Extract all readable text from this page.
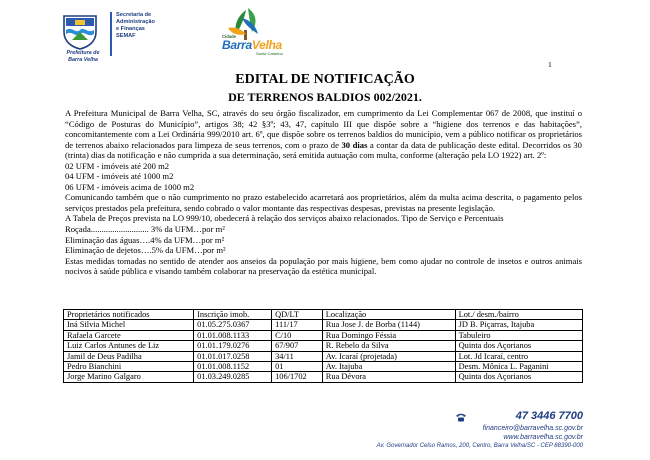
Prefeitura de
Barra Velha
Secretaria de
Administração
e Finanças
SEMAF	Cidade
BarraVelha
Santa Catarina
1
EDITAL DE NOTIFICAÇÃO
DE TERRENOS BALDIOS 002/2021.

A Prefeitura Municipal de Barra Velha, SC, através do seu órgão fiscalizador, em cumprimento da Lei Complementar 067 de 2008, que instituí o “Código de Posturas do Município”, artigos 38; 42 §3º; 43, 47, capítulo III que dispõe sobre a “higiene dos terrenos e das habitações”, concomitantemente com a Lei Ordinária 999/2010 art. 6º, que dispõe sobre os terrenos baldios do município, vem a público notificar os proprietários de terrenos abaixo relacionados para limpeza de seus terrenos, com o prazo de 30 dias a contar da data de publicação deste edital. Decorridos os 30 (trinta) dias da notificação e não cumprida a sua determinação, será emitida autuação com multa, conforme (alteração pela LO 1922) art. 2º:

02 UFM - imóveis até 200 m2
04 UFM - imóveis até 1000 m2
06 UFM - imóveis acima de 1000 m2

Comunicando também que o não cumprimento no prazo estabelecido acarretará aos proprietários, além da multa acima descrita, o pagamento pelos serviços prestados pela prefeitura, sendo cobrado o valor montante das respectivas despesas, previstas na presente legislação.

A Tabela de Preços prevista na LO 999/10, obedecerá à relação dos serviços abaixo relacionados. Tipo de Serviço e Percentuais

Roçada........................... 3% da UFM…por m²
Eliminação das águas….4% da UFM…por m²
Eliminação de dejetos….5% da UFM…por m²

Estas medidas tomadas no sentido de atender aos anseios da população por mais higiene, bem como ajudar no controle de insetos e outros animais nocivos à saúde pública e visando também colaborar na preservação da estética municipal.

Proprietários notificados	Inscrição imob.	QD/LT	Localização	Lot./ desm./bairro
Iná Silvia Michel	01.05.275.0367	111/17	Rua Jose J. de Borba (1144)	JD B. Piçarras, Itajuba
Rafaela Garcete	01.01.008.1133	C/10	Rua Domingo Féssia	Tabuleiro
Luiz Carlos Antunes de Liz	01.01.179.0276	67/907	R. Rebelo da Silva	Quinta dos Açorianos
Jamil de Deus Padilha	01.01.017.0258	34/11	Av. Icaraí (projetada)	Lot. Jd Icaraí, centro
Pedro Bianchini	01.01.008.1152	01	Av. Itajuba	Desm. Mônica L. Paganini
Jorge Marino Galgaro	01.03.249.0285	106/1702	Rua Dévora	Quinta dos Açorianos
47 3446 7700
financeiro@barravelha.sc.gov.br
www.barravelha.sc.gov.br
Av. Governador Celso Ramos, 200, Centro, Barra Velha/SC - CEP 88390-000
